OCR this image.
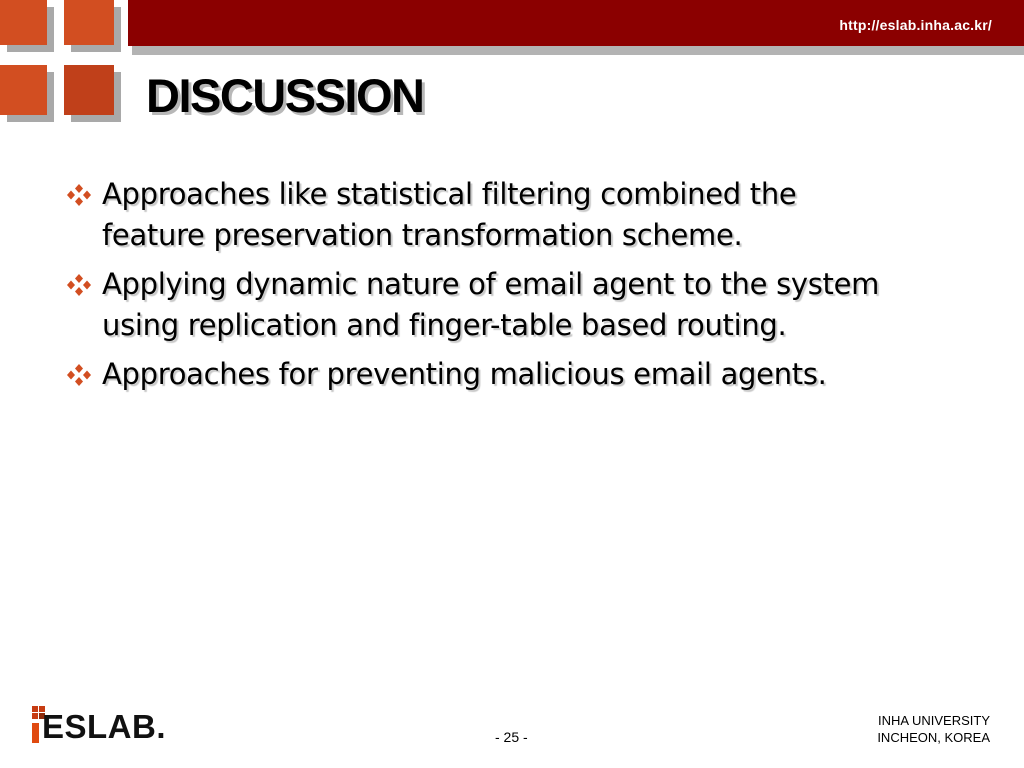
http://eslab.inha.ac.kr/
DISCUSSION
Approaches like statistical filtering combined the
feature preservation transformation scheme.
Applying dynamic nature of email agent to the system
using replication and finger-table based routing.
Approaches for preventing malicious email agents.
ESLAB.	- 25 -
INHA UNIVERSITY
INCHEON, KOREA
